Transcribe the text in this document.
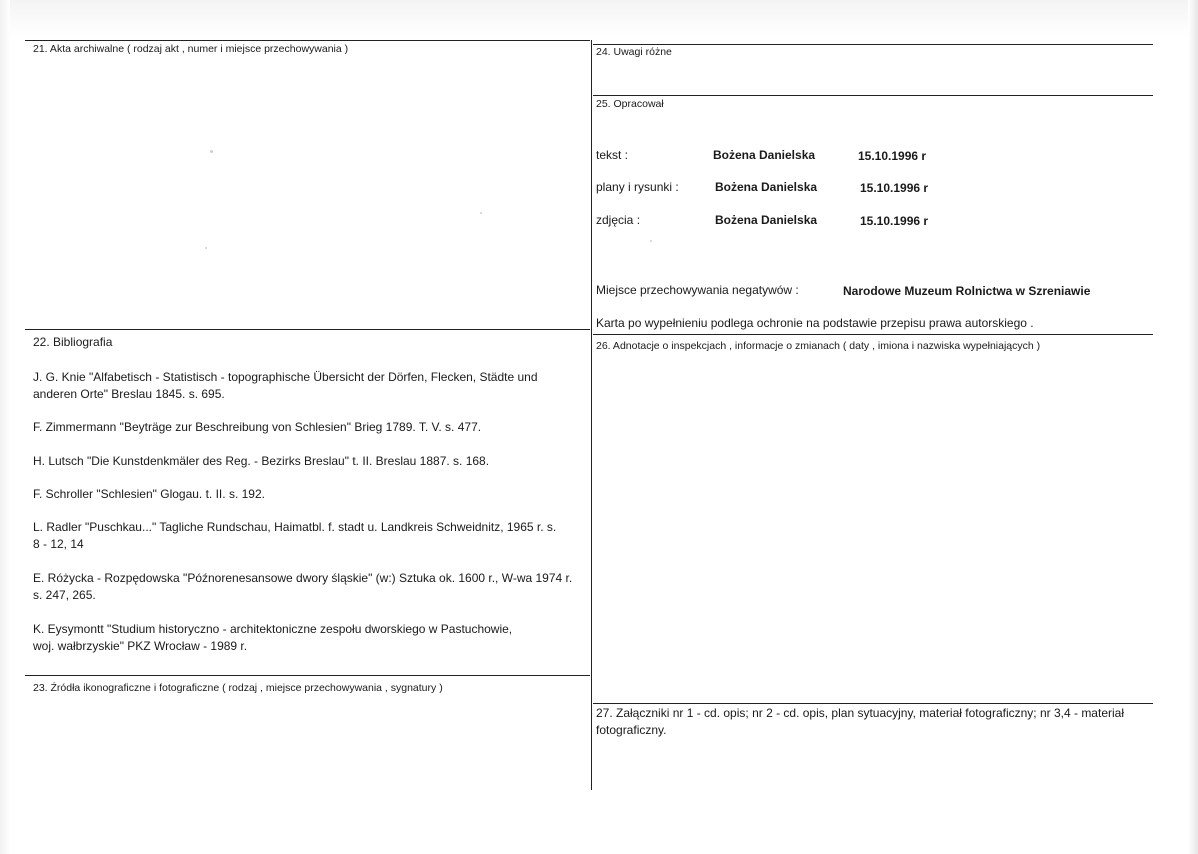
21. Akta archiwalne ( rodzaj akt , numer i miejsce przechowywania )
22. Bibliografia
J. G. Knie "Alfabetisch - Statistisch - topographische Übersicht der Dörfen, Flecken, Städte und anderen Orte" Breslau 1845. s. 695.
F. Zimmermann "Beyträge zur Beschreibung von Schlesien" Brieg 1789. T. V. s. 477.
H. Lutsch "Die Kunstdenkmäler des Reg. - Bezirks Breslau" t. II. Breslau 1887. s. 168.
F. Schroller "Schlesien" Glogau. t. II. s. 192.
L. Radler "Puschkau..." Tagliche Rundschau, Haimatbl. f. stadt u. Landkreis Schweidnitz, 1965 r. s. 8 - 12, 14
E. Różycka - Rozpędowska "Późnorenesansowe dwory śląskie" (w:) Sztuka ok. 1600 r., W-wa 1974 r. s. 247, 265.
K. Eysymontt "Studium historyczno - architektoniczne zespołu dworskiego w Pastuchowie, woj. wałbrzyskie" PKZ Wrocław - 1989 r.
23. Źródła ikonograficzne i fotograficzne ( rodzaj , miejsce przechowywania , sygnatury )
24. Uwagi różne
25. Opracował
tekst :	Bożena Danielska	15.10.1996 r
plany i rysunki :	Bożena Danielska	15.10.1996 r
zdjęcia :	Bożena Danielska	15.10.1996 r
Miejsce przechowywania negatywów :	Narodowe Muzeum Rolnictwa w Szreniawie
Karta po wypełnieniu podlega ochronie na podstawie przepisu prawa autorskiego .
26. Adnotacje o inspekcjach , informacje o zmianach ( daty , imiona i nazwiska wypełniających )
27. Załączniki nr 1 - cd. opis; nr 2 - cd. opis, plan sytuacyjny, materiał fotograficzny; nr 3,4 - materiał fotograficzny.
